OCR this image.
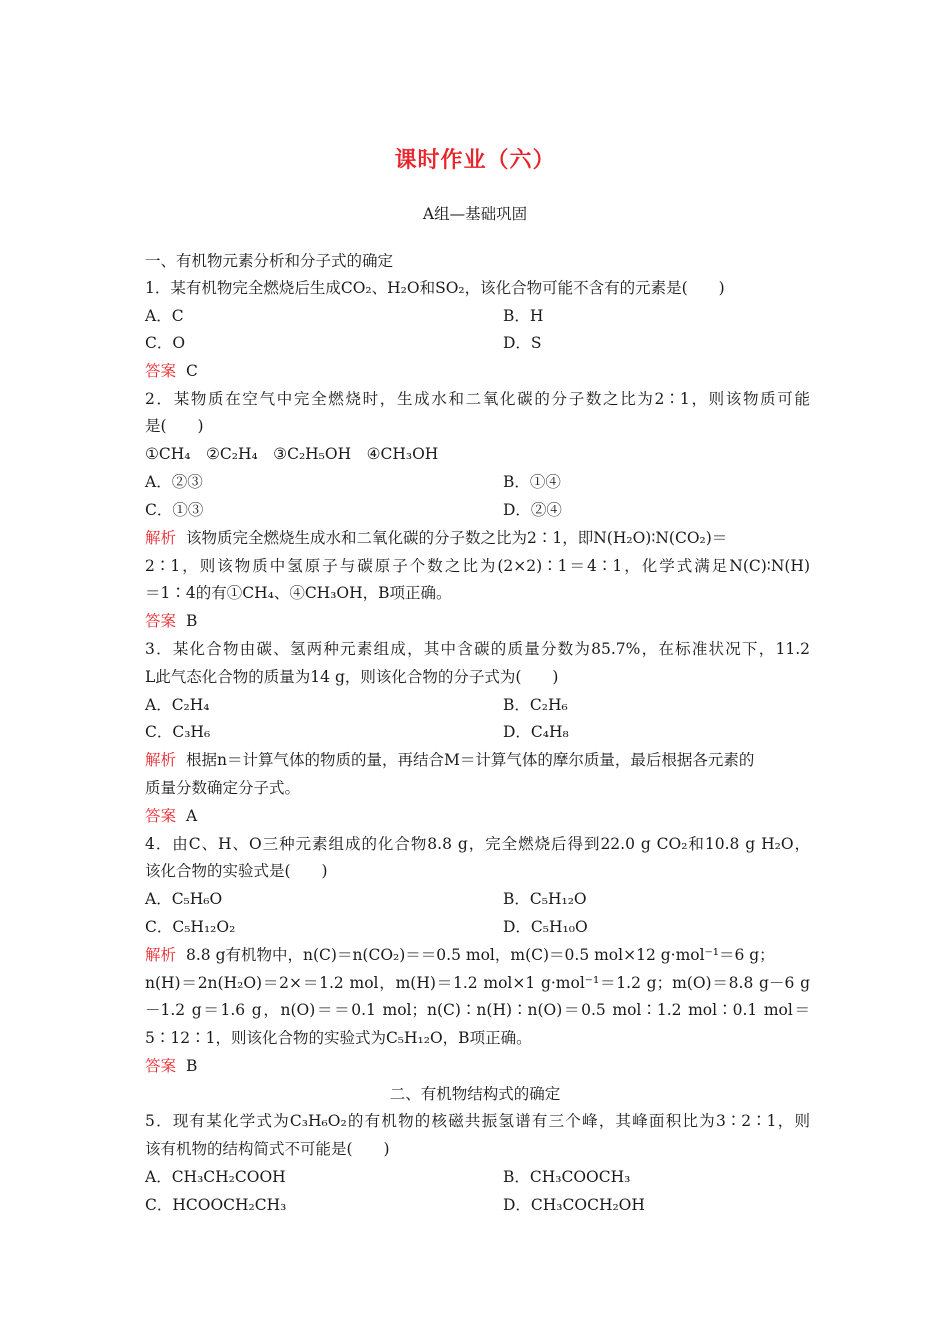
课时作业（六）
A组—基础巩固
一、有机物元素分析和分子式的确定
1．某有机物完全燃烧后生成CO₂、H₂O和SO₂，该化合物可能不含有的元素是(　　)
A．C	B．H
C．O	D．S
答案 C
2．某物质在空气中完全燃烧时，生成水和二氧化碳的分子数之比为2∶1，则该物质可能
是(　　)
①CH₄　②C₂H₄　③C₂H₅OH　④CH₃OH
A．②③	B．①④
C．①③	D．②④
解析 该物质完全燃烧生成水和二氧化碳的分子数之比为2∶1，即N(H₂O)∶N(CO₂)＝
2∶1，则该物质中氢原子与碳原子个数之比为(2×2)∶1＝4∶1，化学式满足N(C)∶N(H)
＝1∶4的有①CH₄、④CH₃OH，B项正确。
答案 B
3．某化合物由碳、氢两种元素组成，其中含碳的质量分数为85.7%，在标准状况下，11.2
L此气态化合物的质量为14 g，则该化合物的分子式为(　　)
A．C₂H₄	B．C₂H₆
C．C₃H₆	D．C₄H₈
解析 根据n＝计算气体的物质的量，再结合M＝计算气体的摩尔质量，最后根据各元素的
质量分数确定分子式。
答案 A
4．由C、H、O三种元素组成的化合物8.8 g，完全燃烧后得到22.0 g CO₂和10.8 g H₂O，
该化合物的实验式是(　　)
A．C₅H₆O	B．C₅H₁₂O
C．C₅H₁₂O₂	D．C₅H₁₀O
解析 8.8 g有机物中，n(C)＝n(CO₂)＝＝0.5 mol，m(C)＝0.5 mol×12 g·mol⁻¹＝6 g；
n(H)＝2n(H₂O)＝2×＝1.2 mol，m(H)＝1.2 mol×1 g·mol⁻¹＝1.2 g；m(O)＝8.8 g－6 g
－1.2 g＝1.6 g，n(O)＝＝0.1 mol；n(C)∶n(H)∶n(O)＝0.5 mol∶1.2 mol∶0.1 mol＝
5∶12∶1，则该化合物的实验式为C₅H₁₂O，B项正确。
答案 B
二、有机物结构式的确定
5．现有某化学式为C₃H₆O₂的有机物的核磁共振氢谱有三个峰，其峰面积比为3∶2∶1，则
该有机物的结构简式不可能是(　　)
A．CH₃CH₂COOH	B．CH₃COOCH₃
C．HCOOCH₂CH₃	D．CH₃COCH₂OH
